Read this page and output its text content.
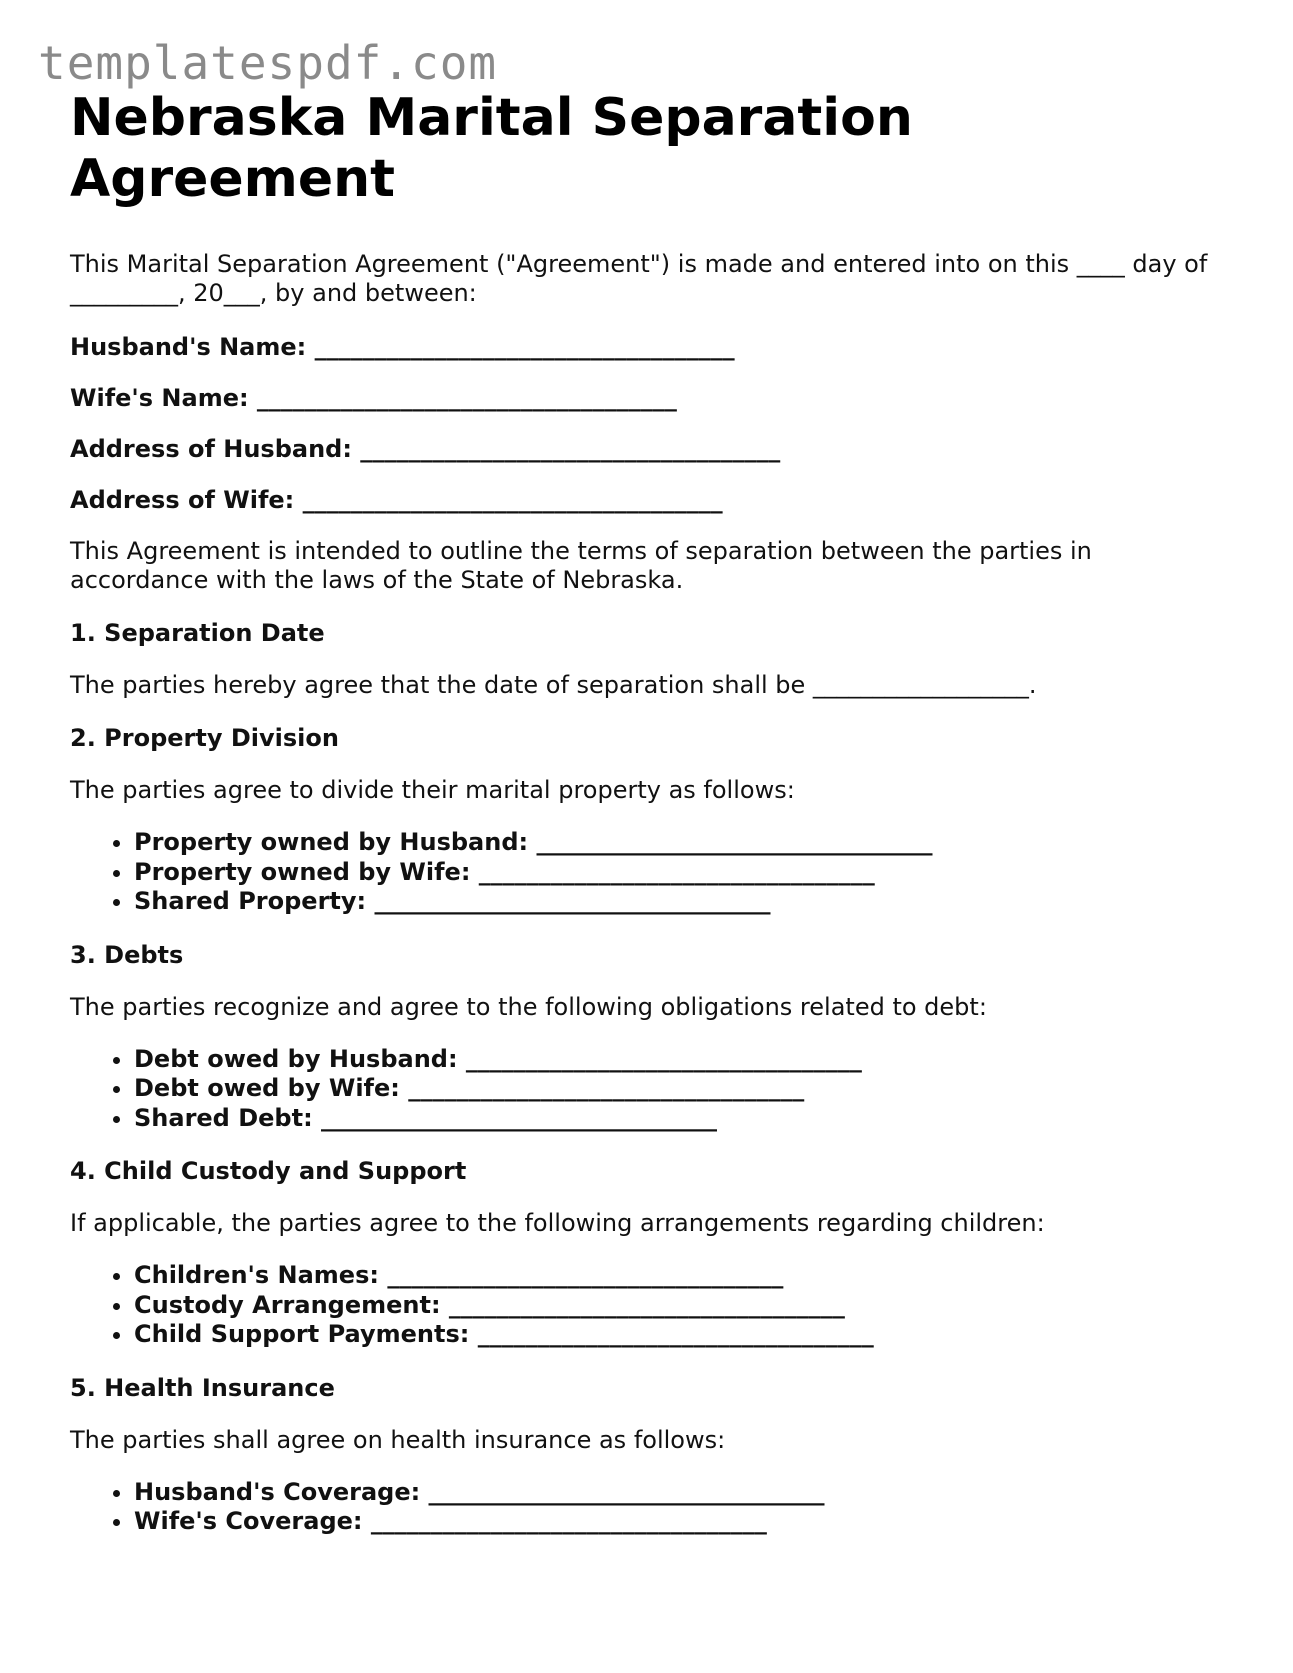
templatespdf.com
Nebraska Marital Separation Agreement

This Marital Separation Agreement ("Agreement") is made and entered into on this ____ day of _________, 20___, by and between:

Husband's Name: ___________________________________

Wife's Name: ___________________________________

Address of Husband: ___________________________________

Address of Wife: ___________________________________

This Agreement is intended to outline the terms of separation between the parties in accordance with the laws of the State of Nebraska.

1. Separation Date

The parties hereby agree that the date of separation shall be __________________.

2. Property Division

The parties agree to divide their marital property as follows:

• Property owned by Husband: _________________________________
• Property owned by Wife: _________________________________
• Shared Property: _________________________________

3. Debts

The parties recognize and agree to the following obligations related to debt:

• Debt owed by Husband: _________________________________
• Debt owed by Wife: _________________________________
• Shared Debt: _________________________________

4. Child Custody and Support

If applicable, the parties agree to the following arrangements regarding children:

• Children's Names: _________________________________
• Custody Arrangement: _________________________________
• Child Support Payments: _________________________________

5. Health Insurance

The parties shall agree on health insurance as follows:

• Husband's Coverage: _________________________________
• Wife's Coverage: _________________________________
